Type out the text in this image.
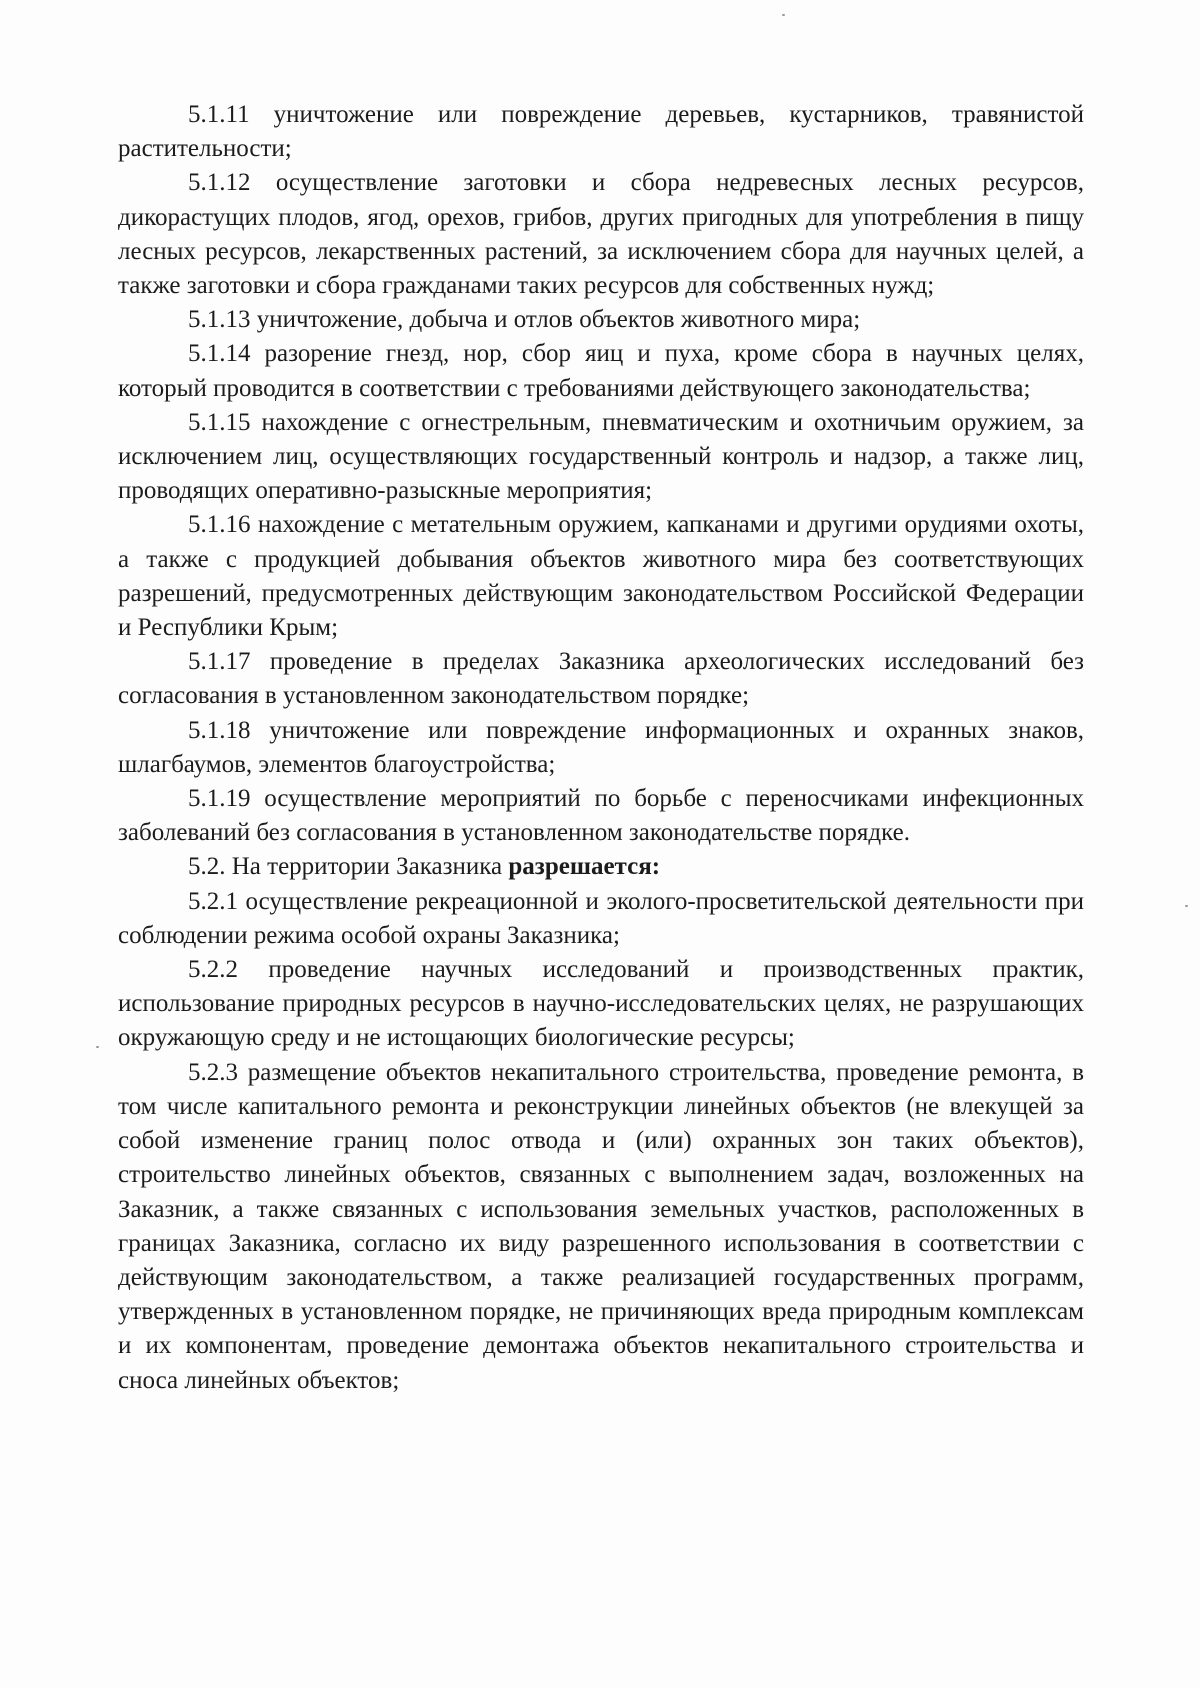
5.1.11 уничтожение или повреждение деревьев, кустарников, травянистой растительности;

5.1.12 осуществление заготовки и сбора недревесных лесных ресурсов, дикорастущих плодов, ягод, орехов, грибов, других пригодных для употребления в пищу лесных ресурсов, лекарственных растений, за исключением сбора для научных целей, а также заготовки и сбора гражданами таких ресурсов для собственных нужд;

5.1.13 уничтожение, добыча и отлов объектов животного мира;

5.1.14 разорение гнезд, нор, сбор яиц и пуха, кроме сбора в научных целях, который проводится в соответствии с требованиями действующего законодательства;

5.1.15 нахождение с огнестрельным, пневматическим и охотничьим оружием, за исключением лиц, осуществляющих государственный контроль и надзор, а также лиц, проводящих оперативно-разыскные мероприятия;

5.1.16 нахождение с метательным оружием, капканами и другими орудиями охоты, а также с продукцией добывания объектов животного мира без соответствующих разрешений, предусмотренных действующим законодательством Российской Федерации и Республики Крым;

5.1.17 проведение в пределах Заказника археологических исследований без согласования в установленном законодательством порядке;

5.1.18 уничтожение или повреждение информационных и охранных знаков, шлагбаумов, элементов благоустройства;

5.1.19 осуществление мероприятий по борьбе с переносчиками инфекционных заболеваний без согласования в установленном законодательстве порядке.

5.2. На территории Заказника разрешается:

5.2.1 осуществление рекреационной и эколого-просветительской деятельности при соблюдении режима особой охраны Заказника;

5.2.2 проведение научных исследований и производственных практик, использование природных ресурсов в научно-исследовательских целях, не разрушающих окружающую среду и не истощающих биологические ресурсы;

5.2.3 размещение объектов некапитального строительства, проведение ремонта, в том числе капитального ремонта и реконструкции линейных объектов (не влекущей за собой изменение границ полос отвода и (или) охранных зон таких объектов), строительство линейных объектов, связанных с выполнением задач, возложенных на Заказник, а также связанных с использования земельных участков, расположенных в границах Заказника, согласно их виду разрешенного использования в соответствии с действующим законодательством, а также реализацией государственных программ, утвержденных в установленном порядке, не причиняющих вреда природным комплексам и их компонентам, проведение демонтажа объектов некапитального строительства и сноса линейных объектов;
